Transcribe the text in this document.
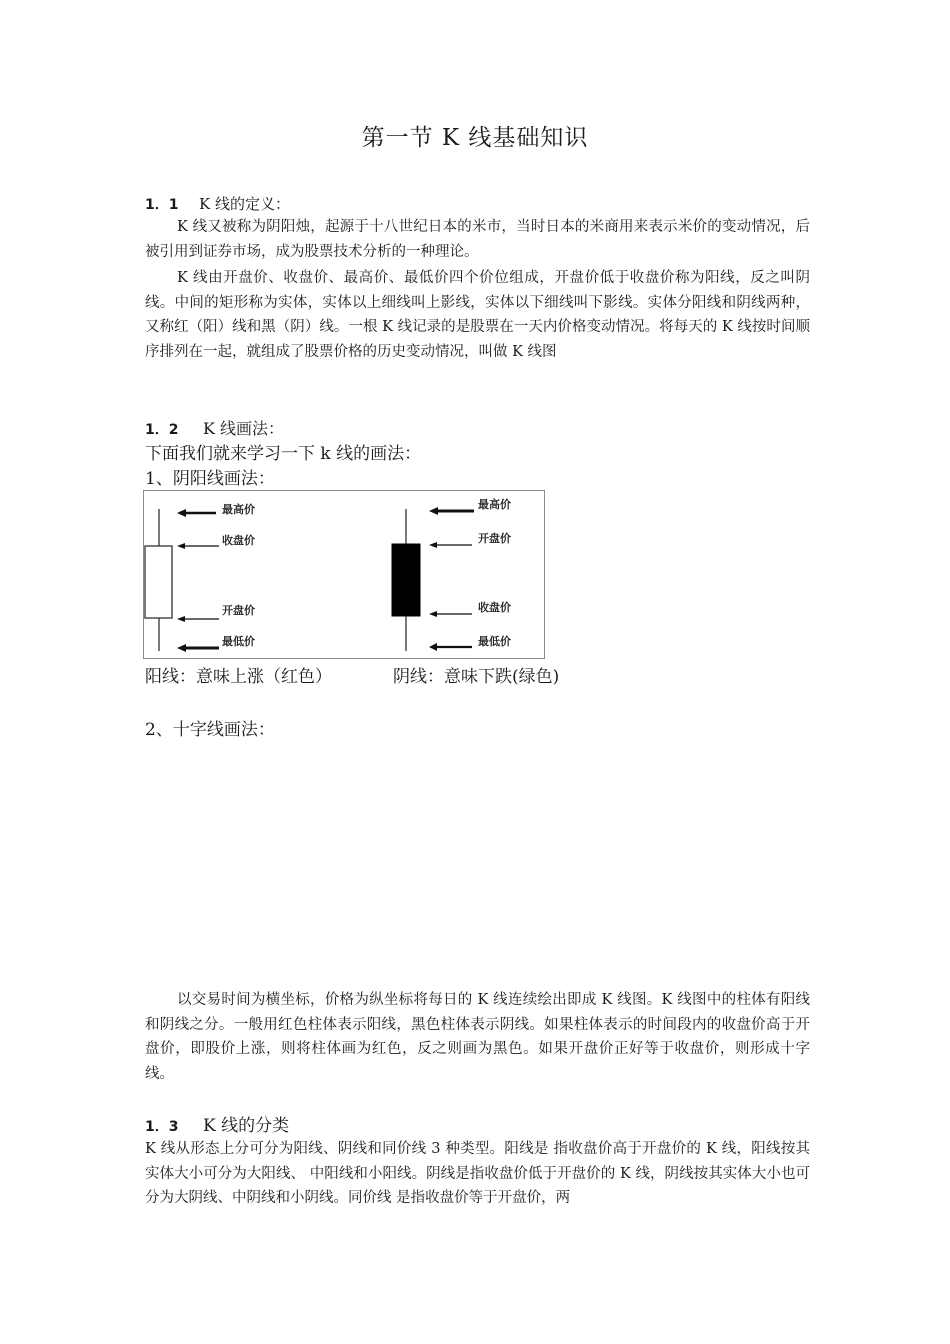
第一节 K 线基础知识
1．1 K 线的定义：
K 线又被称为阴阳烛，起源于十八世纪日本的米市，当时日本的米商用来表示米价的变动情况，后被引用到证券市场，成为股票技术分析的一种理论。
K 线由开盘价、收盘价、最高价、最低价四个价位组成，开盘价低于收盘价称为阳线，反之叫阴线。中间的矩形称为实体，实体以上细线叫上影线，实体以下细线叫下影线。实体分阳线和阴线两种，又称红（阳）线和黑（阴）线。一根 K 线记录的是股票在一天内价格变动情况。将每天的 K 线按时间顺序排列在一起，就组成了股票价格的历史变动情况，叫做 K 线图
1．2 K 线画法：
下面我们就来学习一下 k 线的画法：
1、阴阳线画法：
最高价
收盘价
开盘价
最低价
最高价
开盘价
收盘价
最低价
阳线：意味上涨（红色）	阴线：意味下跌(绿色)
2、十字线画法：
以交易时间为横坐标，价格为纵坐标将每日的 K 线连续绘出即成 K 线图。K 线图中的柱体有阳线和阴线之分。一般用红色柱体表示阳线，黑色柱体表示阴线。如果柱体表示的时间段内的收盘价高于开盘价，即股价上涨，则将柱体画为红色，反之则画为黑色。如果开盘价正好等于收盘价，则形成十字线。
1．3 K 线的分类
K 线从形态上分可分为阳线、阴线和同价线 3 种类型。阳线是 指收盘价高于开盘价的 K 线，阳线按其实体大小可分为大阳线、 中阳线和小阳线。阴线是指收盘价低于开盘价的 K 线，阴线按其实体大小也可分为大阴线、中阴线和小阴线。同价线 是指收盘价等于开盘价，两
